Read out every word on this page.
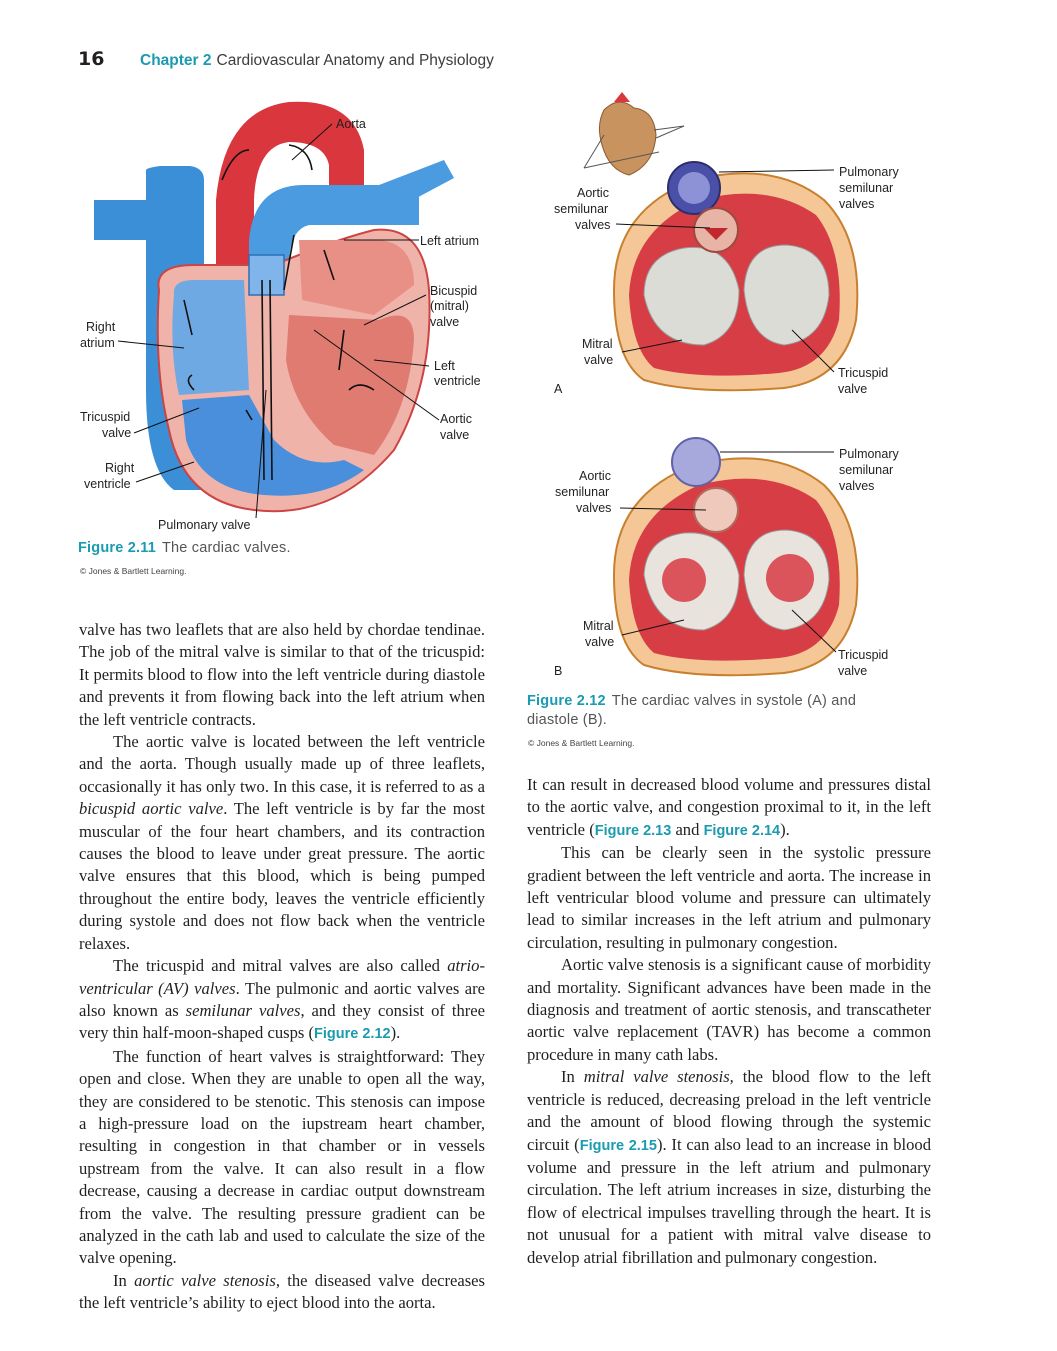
16	Chapter 2 Cardiovascular Anatomy and Physiology
Aorta
Left atrium
Bicuspid
(mitral)
valve
Right
atrium
Left
ventricle
Tricuspid
valve
Aortic
valve
Right
ventricle
Pulmonary valve
Figure 2.11 The cardiac valves.
© Jones & Bartlett Learning.
Aortic
semilunar
valves
Pulmonary
semilunar
valves
Mitral
valve
Tricuspid
valve
A
Aortic
semilunar
valves
Pulmonary
semilunar
valves
Mitral
valve
Tricuspid
valve
B
Figure 2.12 The cardiac valves in systole (A) and
diastole (B).
© Jones & Bartlett Learning.

valve has two leaflets that are also held by chordae tendinae. The job of the mitral valve is similar to that of the tricuspid: It permits blood to flow into the left ventricle during diastole and prevents it from flowing back into the left atrium when the left ventricle contracts.

The aortic valve is located between the left ventricle and the aorta. Though usually made up of three leaflets, occasionally it has only two. In this case, it is referred to as a bicuspid aortic valve. The left ventricle is by far the most muscular of the four heart chambers, and its contraction causes the blood to leave under great pressure. The aortic valve ensures that this blood, which is being pumped throughout the entire body, leaves the ventricle efficiently during systole and does not flow back when the ventricle relaxes.

The tricuspid and mitral valves are also called atrioventricular (AV) valves. The pulmonic and aortic valves are also known as semilunar valves, and they consist of three very thin half-moon-shaped cusps (Figure 2.12).

The function of heart valves is straightforward: They open and close. When they are unable to open all the way, they are considered to be stenotic. This stenosis can impose a high-pressure load on the iupstream heart chamber, resulting in congestion in that chamber or in vessels upstream from the valve. It can also result in a flow decrease, causing a decrease in cardiac output downstream from the valve. The resulting pressure gradient can be analyzed in the cath lab and used to calculate the size of the valve opening.

In aortic valve stenosis, the diseased valve decreases the left ventricle’s ability to eject blood into the aorta.

It can result in decreased blood volume and pressures distal to the aortic valve, and congestion proximal to it, in the left ventricle (Figure 2.13 and Figure 2.14).

This can be clearly seen in the systolic pressure gradient between the left ventricle and aorta. The increase in left ventricular blood volume and pressure can ultimately lead to similar increases in the left atrium and pulmonary circulation, resulting in pulmonary congestion.

Aortic valve stenosis is a significant cause of morbidity and mortality. Significant advances have been made in the diagnosis and treatment of aortic stenosis, and transcatheter aortic valve replacement (TAVR) has become a common procedure in many cath labs.

In mitral valve stenosis, the blood flow to the left ventricle is reduced, decreasing preload in the left ventricle and the amount of blood flowing through the systemic circuit (Figure 2.15). It can also lead to an increase in blood volume and pressure in the left atrium and pulmonary circulation. The left atrium increases in size, disturbing the flow of electrical impulses travelling through the heart. It is not unusual for a patient with mitral valve disease to develop atrial fibrillation and pulmonary congestion.
